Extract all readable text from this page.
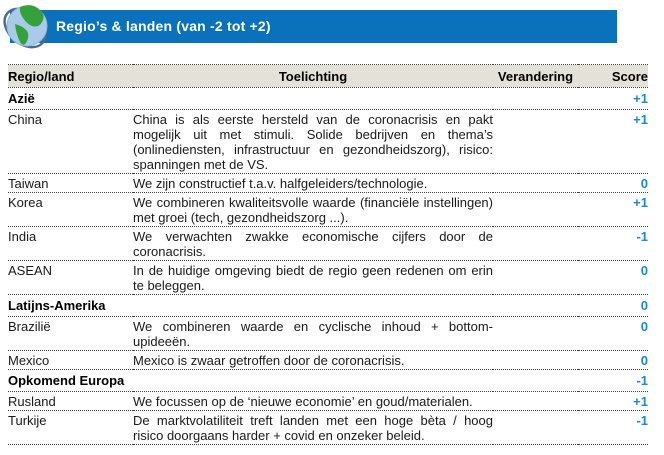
Regio’s & landen (van -2 tot +2)
Regio/land	Toelichting	Verandering	Score
Azië			+1
China	China is als eerste hersteld van de coronacrisis en pakt mogelijk uit met stimuli. Solide bedrijven en thema’s (onlinediensten, infrastructuur en gezondheidszorg), risico: spanningen met de VS.		+1
Taiwan	We zijn constructief t.a.v. halfgeleiders/technologie.		0
Korea	We combineren kwaliteitsvolle waarde (financiële instellingen) met groei (tech, gezondheidszorg ...).		+1
India	We verwachten zwakke economische cijfers door de coronacrisis.		-1
ASEAN	In de huidige omgeving biedt de regio geen redenen om erin te beleggen.		0
Latijns-Amerika			0
Brazilië	We combineren waarde en cyclische inhoud + bottom-upideeën.		0
Mexico	Mexico is zwaar getroffen door de coronacrisis.		0
Opkomend Europa			-1
Rusland	We focussen op de ‘nieuwe economie’ en goud/materialen.		+1
Turkije	De marktvolatiliteit treft landen met een hoge bèta / hoog risico doorgaans harder + covid en onzeker beleid.		-1
